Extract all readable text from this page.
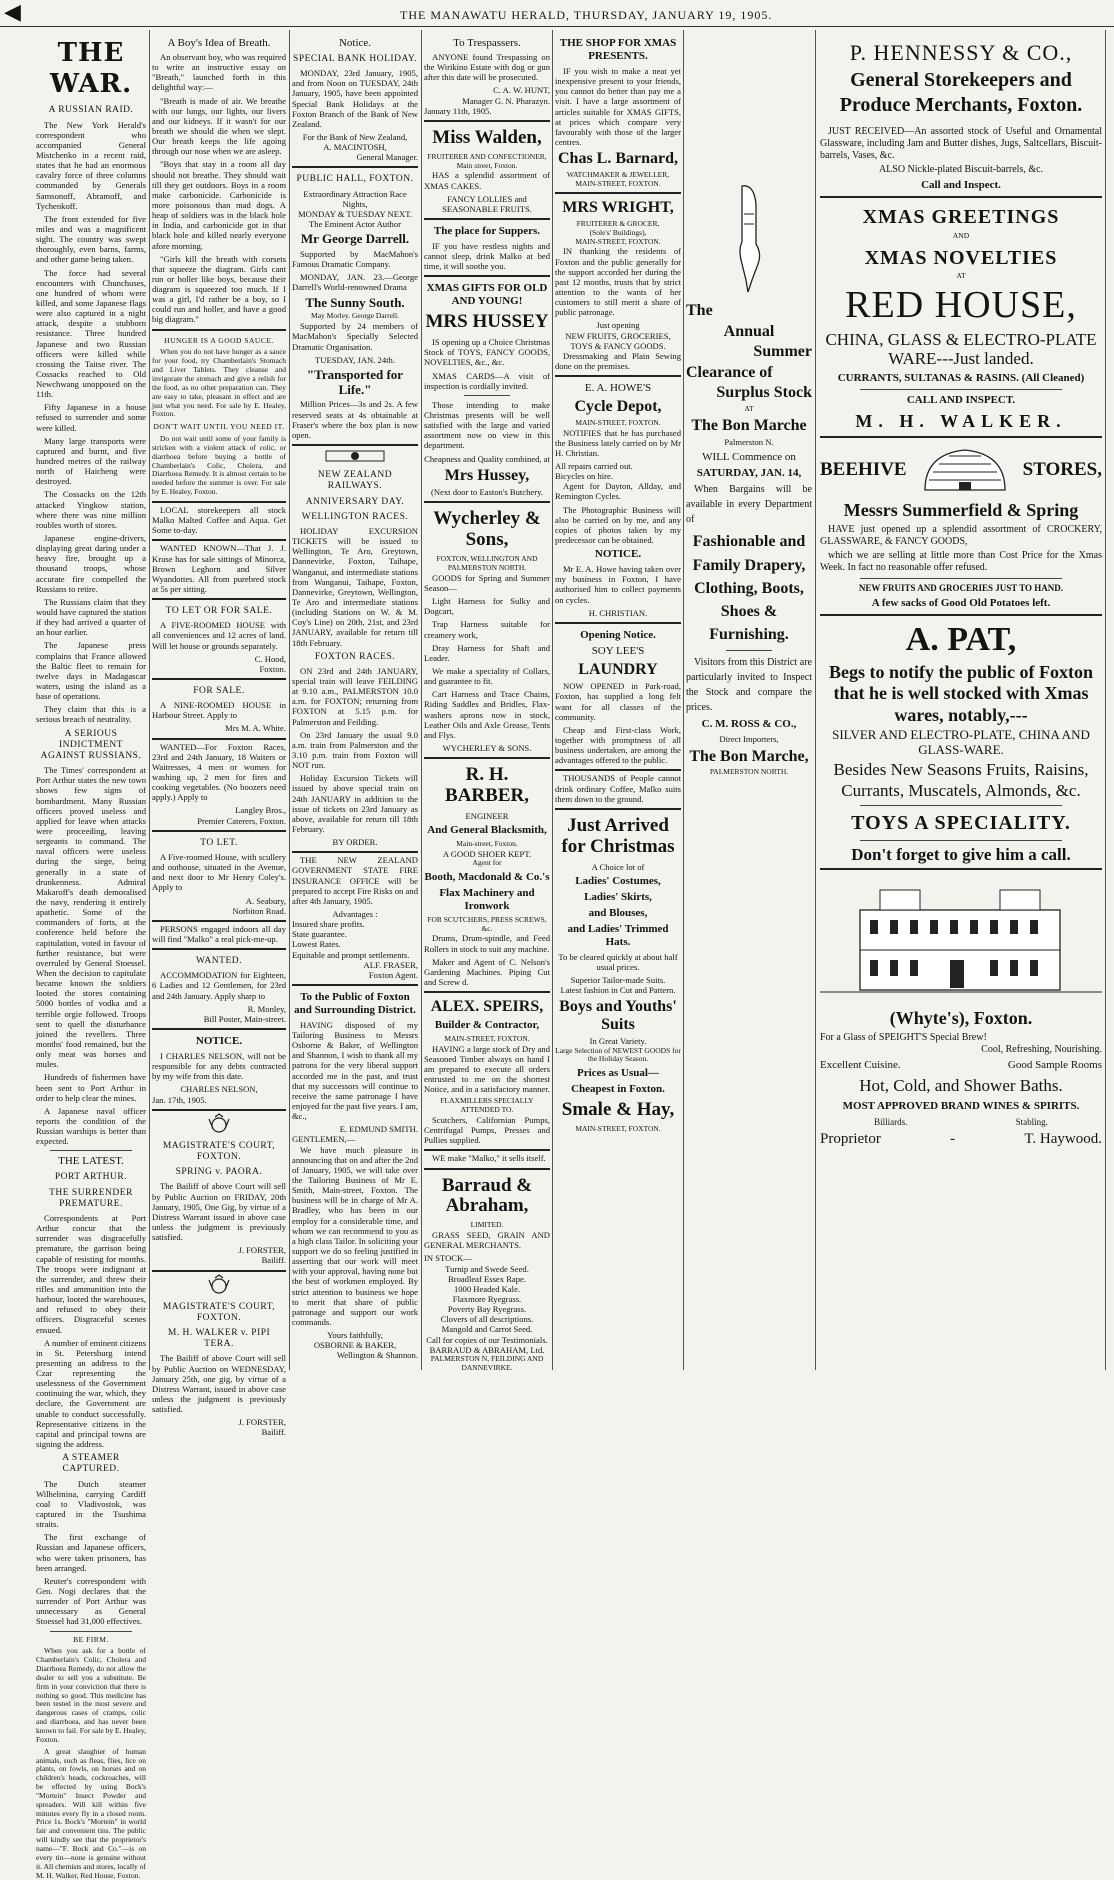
◀	THE MANAWATU HERALD, THURSDAY, JANUARY 19, 1905.
THE WAR.
A RUSSIAN RAID.

The New York Herald's correspondent who accompanied General Mistchenko in a recent raid, states that he had an enormous cavalry force of three columns commanded by Generals Samsonoff, Abramoff, and Tychenkoff.

The front extended for five miles and was a magnificent sight. The country was swept thoroughly, even barns, farms, and other game being taken.

The force had several encounters with Chunchuses, one hundred of whom were killed, and some Japanese flags were also captured in a night attack, despite a stubborn resistance. Three hundred Japanese and two Russian officers were killed while crossing the Taitse river. The Cossacks reached to Old Newchwang unopposed on the 11th.

Fifty Japanese in a house refused to surrender and some were killed.

Many large transports were captured and burnt, and five hundred metres of the railway north of Haicheng were destroyed.

The Cossacks on the 12th attacked Yingkow station, where there was nine million roubles worth of stores.

Japanese engine-drivers, displaying great daring under a heavy fire, brought up a thousand troops, whose accurate fire compelled the Russians to retire.

The Russians claim that they would have captured the station if they had arrived a quarter of an hour earlier.

The Japanese press complains that France allowed the Baltic fleet to remain for twelve days in Madagascar waters, using the island as a base of operations.

They claim that this is a serious breach of neutrality.

A SERIOUS INDICTMENT AGAINST RUSSIANS.

The Times' correspondent at Port Arthur states the new town shows few signs of bombardment. Many Russian officers proved useless and applied for leave when attacks were proceeding, leaving sergeants to command. The naval officers were useless during the siege, being generally in a state of drunkenness. Admiral Makaroff's death demoralised the navy, rendering it entirely apathetic. Some of the commanders of forts, at the conference held before the capitulation, voted in favour of further resistance, but were overruled by General Stoessel. When the decision to capitulate became known the soldiers looted the stores containing 5000 bottles of vodka and a terrible orgie followed. Troops sent to quell the disturbance joined the revellers. Three months' food remained, but the only meat was horses and mules.

Hundreds of fishermen have been sent to Port Arthur in order to help clear the mines.

A Japanese naval officer reports the condition of the Russian warships is better than expected.

THE LATEST.
PORT ARTHUR.
THE SURRENDER PREMATURE.

Correspondents at Port Arthur concur that the surrender was disgracefully premature, the garrison being capable of resisting for months. The troops were indignant at the surrender, and threw their rifles and ammunition into the harbour, looted the warehouses, and refused to obey their officers. Disgraceful scenes ensued.

A number of eminent citizens in St. Petersburg intend presenting an address to the Czar representing the uselessness of the Government continuing the war, which, they declare, the Government are unable to conduct successfully. Representative citizens in the capital and principal towns are signing the address.

A STEAMER CAPTURED.

The Dutch steamer Wilhelmina, carrying Cardiff coal to Vladivostok, was captured in the Tsushima straits.

The first exchange of Russian and Japanese officers, who were taken prisoners, has been arranged.

Reuter's correspondent with Gen. Nogi declares that the surrender of Port Arthur was unnecessary as General Stoessel had 31,000 effectives.

BE FIRM.

When you ask for a bottle of Chamberlain's Colic, Cholera and Diarrhoea Remedy, do not allow the dealer to sell you a substitute. Be firm in your conviction that there is nothing so good. This medicine has been tested in the most severe and dangerous cases of cramps, colic and diarrhoea, and has never been known to fail. For sale by E. Healey, Foxton.

A great slaughter of human animals, such as fleas, flies, lice on plants, on fowls, on horses and on children's heads, cockroaches, will be effected by using Bock's "Mortein" Insect Powder and spreaders. Will kill within five minutes every fly in a closed room. Price 1s. Bock's "Mortein" in world fair and convenient tins. The public will kindly see that the proprietor's name—"F. Bock and Co."—is on every tin—none is genuine without it. All chemists and stores, locally of M. H. Walker, Red House, Foxton.

A Boy's Idea of Breath.

An observant boy, who was required to write an instructive essay on "Breath," launched forth in this delightful way:—

"Breath is made of air. We breathe with our lungs, our lights, our livers and our kidneys. If it wasn't for our breath we should die when we slept. Our breath keeps the life agoing through our nose when we are asleep.

"Boys that stay in a room all day should not breathe. They should wait till they get outdoors. Boys in a room make carbonicide. Carbonicide is more poisonous than mad dogs. A heap of soldiers was in the black hole in India, and carbonicide got in that black hole and killed nearly everyone afore morning.

"Girls kill the breath with corsets that squeeze the diagram. Girls cant run or holler like boys, because their diagram is squeezed too much. If I was a girl, I'd rather be a boy, so I could run and holler, and have a good big diagram."

HUNGER IS A GOOD SAUCE.

When you do not have hunger as a sauce for your food, try Chamberlain's Stomach and Liver Tablets. They cleanse and invigorate the stomach and give a relish for the food, as no other preparation can. They are easy to take, pleasant in effect and are just what you need. For sale by E. Healey, Foxton.

DON'T WAIT UNTIL YOU NEED IT.

Do not wait until some of your family is stricken with a violent attack of colic, or diarrhoea before buying a bottle of Chamberlain's Colic, Cholera, and Diarrhoea Remedy. It is almost certain to be needed before the summer is over. For sale by E. Healey, Foxton.

LOCAL storekeepers all stock Malko Malted Coffee and Aqua. Get Some to-day.

WANTED KNOWN—That J. J. Kruse has for sale sittings of Minorca, Brown Leghorn and Silver Wyandottes. All from purebred stock at 5s per sitting.

TO LET OR FOR SALE.

A FIVE-ROOMED HOUSE with all conveniences and 12 acres of land. Will let house or grounds separately.

C. Hood,
Foxton.
FOR SALE.

A NINE-ROOMED HOUSE in Harbour Street. Apply to

Mrs M. A. White.

WANTED—For Foxton Races, 23rd and 24th January, 18 Waiters or Waitresses, 4 men or women for washing up, 2 men for fires and cooking vegetables. (No boozers need apply.) Apply to

Langley Bros.,
Premier Caterers, Foxton.
TO LET.

A Five-roomed House, with scullery and outhouse, situated in the Avenue, and next door to Mr Henry Coley's. Apply to

A. Seabury,
Norbiton Road.

PERSONS engaged indoors all day will find "Malko" a real pick-me-up.

WANTED.

ACCOMMODATION for Eighteen, 6 Ladies and 12 Gentlemen, for 23rd and 24th January. Apply sharp to

R. Monley,
Bill Poster, Main-street.
NOTICE.

I CHARLES NELSON, will not be responsible for any debts contracted by my wife from this date.

CHARLES NELSON,
Jan. 17th, 1905.
MAGISTRATE'S COURT, FOXTON.
SPRING v. PAORA.

The Bailiff of above Court will sell by Public Auction on FRIDAY, 20th January, 1905, One Gig, by virtue of a Distress Warrant issued in above case unless the judgment is previously satisfied.

J. FORSTER,
Bailiff.
MAGISTRATE'S COURT, FOXTON.
M. H. WALKER v. PIPI TERA.

The Bailiff of above Court will sell by Public Auction on WEDNESDAY, January 25th, one gig, by virtue of a Distress Warrant, issued in above case unless the judgment is previously satisfied.

J. FORSTER,
Bailiff.
Notice.
SPECIAL BANK HOLIDAY.

MONDAY, 23rd January, 1905, and from Noon on TUESDAY, 24th January, 1905, have been appointed Special Bank Holidays at the Foxton Branch of the Bank of New Zealand.

For the Bank of New Zealand,
A. MACINTOSH,
General Manager.
PUBLIC HALL, FOXTON.
Extraordinary Attraction Race Nights,
MONDAY & TUESDAY NEXT.
The Eminent Actor Author
Mr George Darrell.

Supported by MacMahon's Famous Dramatic Company.

MONDAY, JAN. 23.—George Darrell's World-renowned Drama

The Sunny South.
May Morley. George Darrell.

Supported by 24 members of MacMahon's Specially Selected Dramatic Organisation.

TUESDAY, JAN. 24th.
"Transported for Life."

Million Prices—3s and 2s. A few reserved seats at 4s obtainable at Fraser's where the box plan is now open.

NEW ZEALAND RAILWAYS.
ANNIVERSARY DAY.
WELLINGTON RACES.

HOLIDAY EXCURSION TICKETS will be issued to Wellington, Te Aro, Greytown, Dannevirke, Foxton, Taihape, Wanganui, and intermediate stations from Wanganui, Taihape, Foxton, Dannevirke, Greytown, Wellington, Te Aro and intermediate stations (including Stations on W. & M. Coy's Line) on 20th, 21st, and 23rd JANUARY, available for return till 18th February.

FOXTON RACES.

ON 23rd and 24th JANUARY, special train will leave FEILDING at 9.10 a.m., PALMERSTON 10.0 a.m. for FOXTON; returning from FOXTON at 5.15 p.m. for Palmerston and Feilding.

On 23rd January the usual 9.0 a.m. train from Palmerston and the 3.10 p.m. train from Foxton will NOT run.

Holiday Excursion Tickets will issued by above special train on 24th JANUARY in addition to the issue of tickets on 23rd January as above, available for return till 18th February.

BY ORDER.

THE NEW ZEALAND GOVERNMENT STATE FIRE INSURANCE OFFICE will be prepared to accept Fire Risks on and after 4th January, 1905.

Advantages :
Insured share profits.
State guarantee.
Lowest Rates.
Equitable and prompt settlements.
ALF. FRASER,
Foxton Agent.
To the Public of Foxton and Surrounding District.

HAVING disposed of my Tailoring Business to Messrs Osborne & Baker, of Wellington and Shannon, I wish to thank all my patrons for the very liberal support accorded me in the past, and trust that my successors will continue to receive the same patronage I have enjoyed for the past five years. I am, &c.,

E. EDMUND SMITH.
GENTLEMEN,—

We have much pleasure in announcing that on and after the 2nd of January, 1905, we will take over the Tailoring Business of Mr E. Smith, Main-street, Foxton. The business will be in charge of Mr A. Bradley, who has been in our employ for a considerable time, and whom we can recommend to you as a high class Tailor. In soliciting your support we do so feeling justified in asserting that our work will meet with your approval, having none but the best of workmen employed. By strict attention to business we hope to merit that share of public patronage and support our work commands.

Yours faithfully,
OSBORNE & BAKER,
Wellington & Shannon.
To Trespassers.

ANYONE found Trespassing on the Wirikino Estate with dog or gun after this date will be prosecuted.

C. A. W. HUNT,
Manager G. N. Pharazyn.
January 11th, 1905.
Miss Walden,
FRUITERER AND CONFECTIONER, Main street, Foxton.

HAS a splendid assortment of XMAS CAKES.

FANCY LOLLIES and SEASONABLE FRUITS.
The place for Suppers.

IF you have restless nights and cannot sleep, drink Malko at bed time, it will soothe you.

XMAS GIFTS FOR OLD AND YOUNG!
MRS HUSSEY

IS opening up a Choice Christmas Stock of TOYS, FANCY GOODS, NOVELTIES, &c., &c.

XMAS CARDS—A visit of inspection is cordially invited.

Those intending to make Christmas presents will be well satisfied with the large and varied assortment now on view in this department.

Cheapness and Quality combined, at
Mrs Hussey,
(Next door to Easton's Butchery.
Wycherley & Sons,
FOXTON, WELLINGTON AND PALMERSTON NORTH.

GOODS for Spring and Summer Season—

Light Harness for Sulky and Dogcart,

Trap Harness suitable for creamery work,

Dray Harness for Shaft and Leader.

We make a speciality of Collars, and guarantee to fit.

Cart Harness and Trace Chains, Riding Saddles and Bridles, Flax-washers aprons now in stock, Leather Oils and Axle Grease, Tents and Flys.

WYCHERLEY & SONS.
R. H. BARBER,
ENGINEER
And General Blacksmith,
Main-street, Foxton.
A GOOD SHOER KEPT.
Agent for
Booth, Macdonald & Co.'s
Flax Machinery and Ironwork
FOR SCUTCHERS, PRESS SCREWS, &c.

Drums, Drum-spindle, and Feed Rollers in stock to suit any machine.

Maker and Agent of C. Nelson's Gardening Machines. Piping Cut and Screw d.

ALEX. SPEIRS,
Builder & Contractor,
MAIN-STREET, FOXTON.

HAVING a large stock of Dry and Seasoned Timber always on hand I am prepared to execute all orders entrusted to me on the shortest Notice, and in a satisfactory manner.

FLAXMILLERS SPECIALLY ATTENDED TO.

Scutchers, Californian Pumps, Centrifugal Pumps, Presses and Pullies supplied.

WE make "Malko," it sells itself.

Barraud & Abraham,
LIMITED.

GRASS SEED, GRAIN AND GENERAL MERCHANTS.

IN STOCK—
Turnip and Swede Seed.
Broadleaf Essex Rape.
1000 Headed Kale.
Flaxmore Ryegrass.
Poverty Bay Ryegrass.
Clovers of all descriptions.
Mangold and Carrot Seed.
Call for copies of our Testimonials.
BARRAUD & ABRAHAM, Ltd.
PALMERSTON N, FEILDING AND DANNEVIRKE.
THE SHOP FOR XMAS PRESENTS.

IF you wish to make a neat yet inexpensive present to your friends, you cannot do better than pay me a visit. I have a large assortment of articles suitable for XMAS GIFTS, at prices which compare very favourably with those of the larger centres.

Chas L. Barnard,
WATCHMAKER & JEWELLER, MAIN-STREET, FOXTON.
MRS WRIGHT,
FRUITERER & GROCER,
(Sole's' Buildings),
MAIN-STREET, FOXTON.

IN thanking the residents of Foxton and the public generally for the support accorded her during the past 12 months, trusts that by strict attention to the wants of her customers to still merit a share of public patronage.

Just opening
NEW FRUITS, GROCERIES, TOYS & FANCY GOODS.

Dressmaking and Plain Sewing done on the premises.

E. A. HOWE'S
Cycle Depot,
MAIN-STREET, FOXTON.

NOTIFIES that he has purchased the Business lately carried on by Mr H. Christian.

All repairs carried out.
Bicycles on hire.

Agent for Dayton, Allday, and Remington Cycles.

The Photographic Business will also be carried on by me, and any copies of photos taken by my predecessor can be obtained.

NOTICE.

Mr E. A. Howe having taken over my business in Foxton, I have authorised him to collect payments on cycles.

H. CHRISTIAN.
Opening Notice.
SOY LEE'S
LAUNDRY

NOW OPENED in Park-road, Foxton, has supplied a long felt want for all classes of the community.

Cheap and First-class Work, together with promptness of all business undertaken, are among the advantages offered to the public.

THOUSANDS of People cannot drink ordinary Coffee, Malko suits them down to the ground.

Just Arrived for Christmas
A Choice lot of
Ladies' Costumes,
Ladies' Skirts,
and Blouses,
and Ladies' Trimmed Hats.

To be cleared quickly at about half usual prices.

Superior Tailor-made Suits.
Latest fashion in Cut and Pattern.
Boys and Youths' Suits
In Great Variety.

Large Selection of NEWEST GOODS for the Holiday Season.

Prices as Usual—
Cheapest in Foxton.
Smale & Hay,
MAIN-STREET, FOXTON.
The
Annual
Summer
Clearance of
Surplus Stock
AT
The Bon Marche
Palmerston N.
WILL Commence on
SATURDAY, JAN. 14,

When Bargains will be available in every Department of

Fashionable and Family Drapery, Clothing, Boots, Shoes & Furnishing.

Visitors from this District are particularly invited to Inspect the Stock and compare the prices.

C. M. ROSS & CO.,
Direct Importers,
The Bon Marche,
PALMERSTON NORTH.
P. HENNESSY & CO.,
General Storekeepers and Produce Merchants, Foxton.

JUST RECEIVED—An assorted stock of Useful and Ornamental Glassware, including Jam and Butter dishes, Jugs, Saltcellars, Biscuit-barrels, Vases, &c.

ALSO Nickle-plated Biscuit-barrels, &c.
Call and Inspect.
XMAS GREETINGS
AND
XMAS NOVELTIES
AT
RED HOUSE,
CHINA, GLASS & ELECTRO-PLATE WARE---Just landed.
CURRANTS, SULTANAS & RASINS. (All Cleaned)
CALL AND INSPECT.
M. H. WALKER.
BEEHIVE	STORES,
Messrs Summerfield & Spring

HAVE just opened up a splendid assortment of CROCKERY, GLASSWARE, & FANCY GOODS,

which we are selling at little more than Cost Price for the Xmas Week. In fact no reasonable offer refused.

NEW FRUITS AND GROCERIES JUST TO HAND.
A few sacks of Good Old Potatoes left.
A. PAT,
Begs to notify the public of Foxton that he is well stocked with Xmas wares, notably,---
SILVER AND ELECTRO-PLATE, CHINA AND GLASS-WARE.
Besides New Seasons Fruits, Raisins, Currants, Muscatels, Almonds, &c.
TOYS A SPECIALITY.
Don't forget to give him a call.
(Whyte's), Foxton.
For a Glass of SPEIGHT'S Special Brew!
Cool, Refreshing, Nourishing.
Excellent Cuisine.	Good Sample Rooms
Hot, Cold, and Shower Baths.
MOST APPROVED BRAND WINES & SPIRITS.
Billiards.	Stabling.
Proprietor	-	T. Haywood.
